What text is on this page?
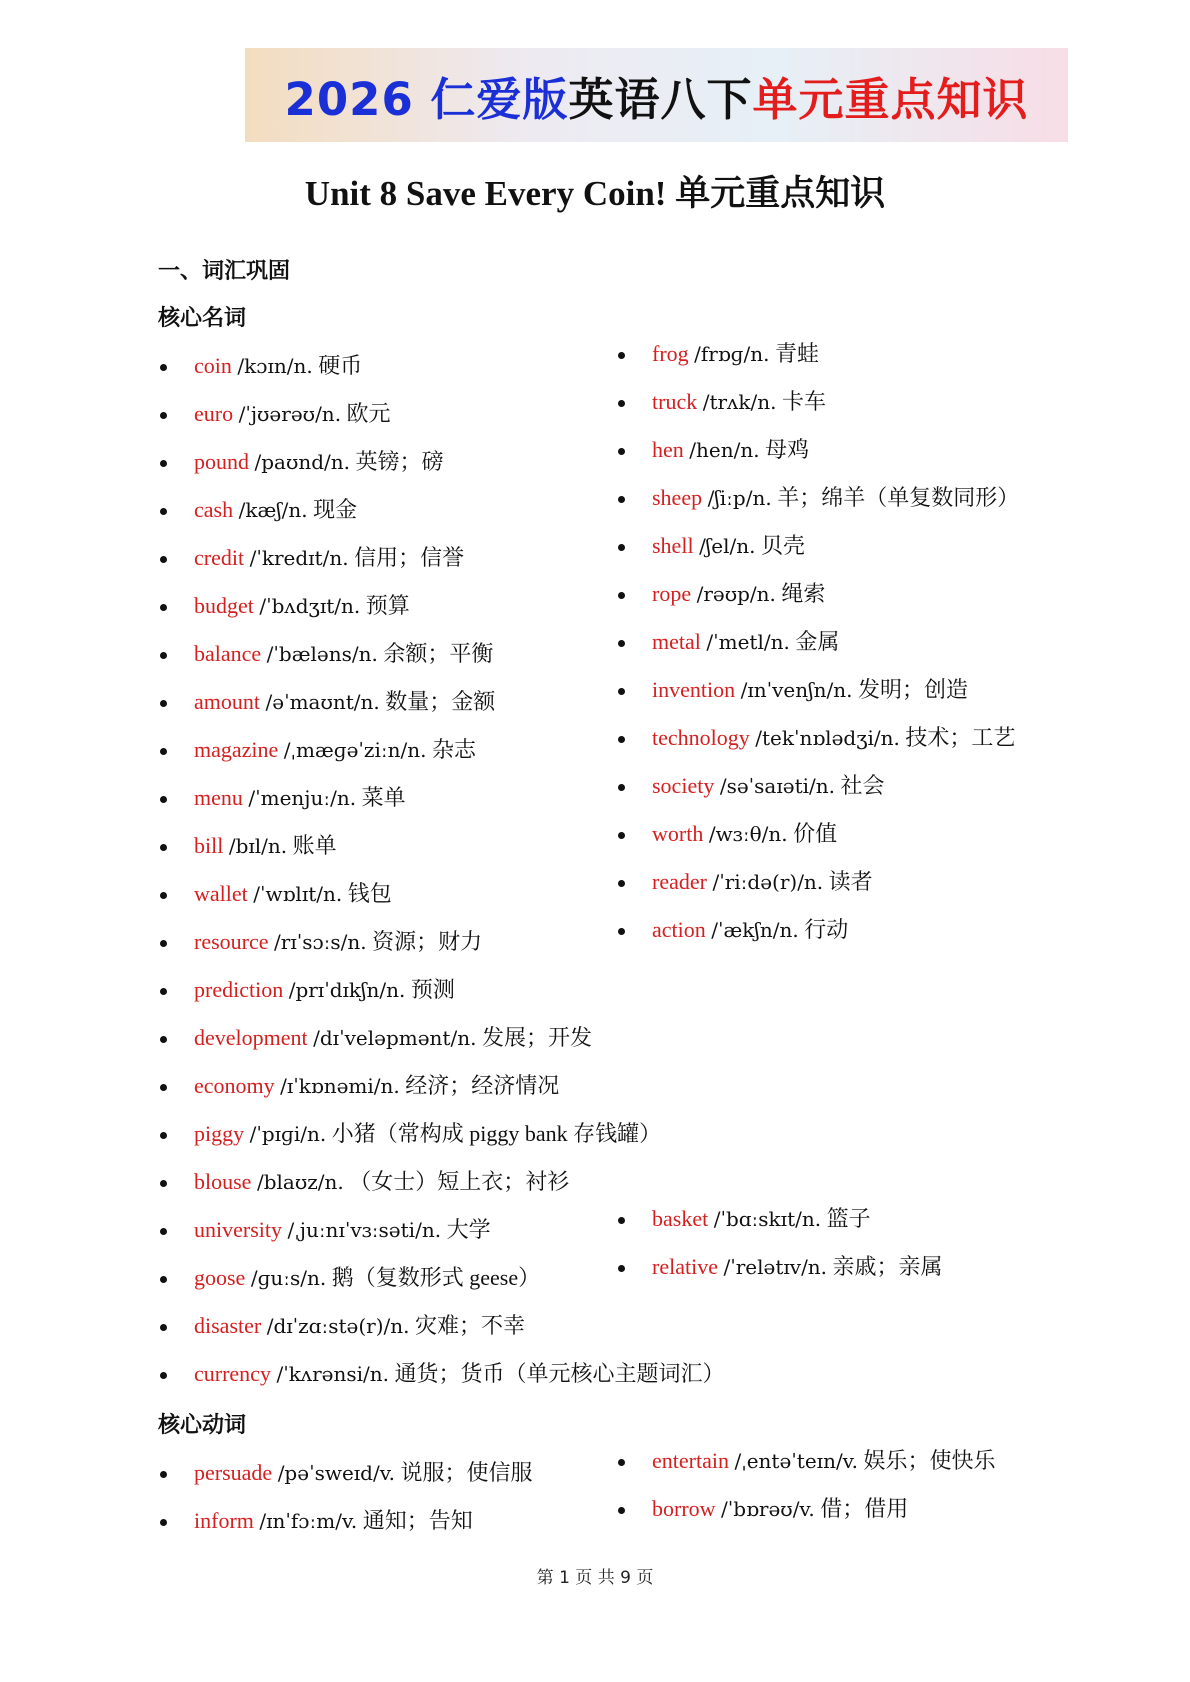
2026 仁爱版英语八下单元重点知识
Unit 8 Save Every Coin! 单元重点知识
一、词汇巩固
核心名词
coin /kɔɪn/n. 硬币
euro /ˈjʊərəʊ/n. 欧元
pound /paʊnd/n. 英镑；磅
cash /kæʃ/n. 现金
credit /ˈkredɪt/n. 信用；信誉
budget /ˈbʌdʒɪt/n. 预算
balance /ˈbæləns/n. 余额；平衡
amount /əˈmaʊnt/n. 数量；金额
magazine /ˌmæɡəˈziːn/n. 杂志
menu /ˈmenjuː/n. 菜单
bill /bɪl/n. 账单
wallet /ˈwɒlɪt/n. 钱包
resource /rɪˈsɔːs/n. 资源；财力
prediction /prɪˈdɪkʃn/n. 预测
development /dɪˈveləpmənt/n. 发展；开发
economy /ɪˈkɒnəmi/n. 经济；经济情况
piggy /ˈpɪɡi/n. 小猪（常构成 piggy bank 存钱罐）
blouse /blaʊz/n. （女士）短上衣；衬衫
university /ˌjuːnɪˈvɜːsəti/n. 大学
goose /ɡuːs/n. 鹅（复数形式 geese）
disaster /dɪˈzɑːstə(r)/n. 灾难；不幸
currency /ˈkʌrənsi/n. 通货；货币（单元核心主题词汇）
frog /frɒɡ/n. 青蛙
truck /trʌk/n. 卡车
hen /hen/n. 母鸡
sheep /ʃiːp/n. 羊；绵羊（单复数同形）
shell /ʃel/n. 贝壳
rope /rəʊp/n. 绳索
metal /ˈmetl/n. 金属
invention /ɪnˈvenʃn/n. 发明；创造
technology /tekˈnɒlədʒi/n. 技术；工艺
society /səˈsaɪəti/n. 社会
worth /wɜːθ/n. 价值
reader /ˈriːdə(r)/n. 读者
action /ˈækʃn/n. 行动
basket /ˈbɑːskɪt/n. 篮子
relative /ˈrelətɪv/n. 亲戚；亲属
核心动词
persuade /pəˈsweɪd/v. 说服；使信服
inform /ɪnˈfɔːm/v. 通知；告知
entertain /ˌentəˈteɪn/v. 娱乐；使快乐
borrow /ˈbɒrəʊ/v. 借；借用
第 1 页 共 9 页
